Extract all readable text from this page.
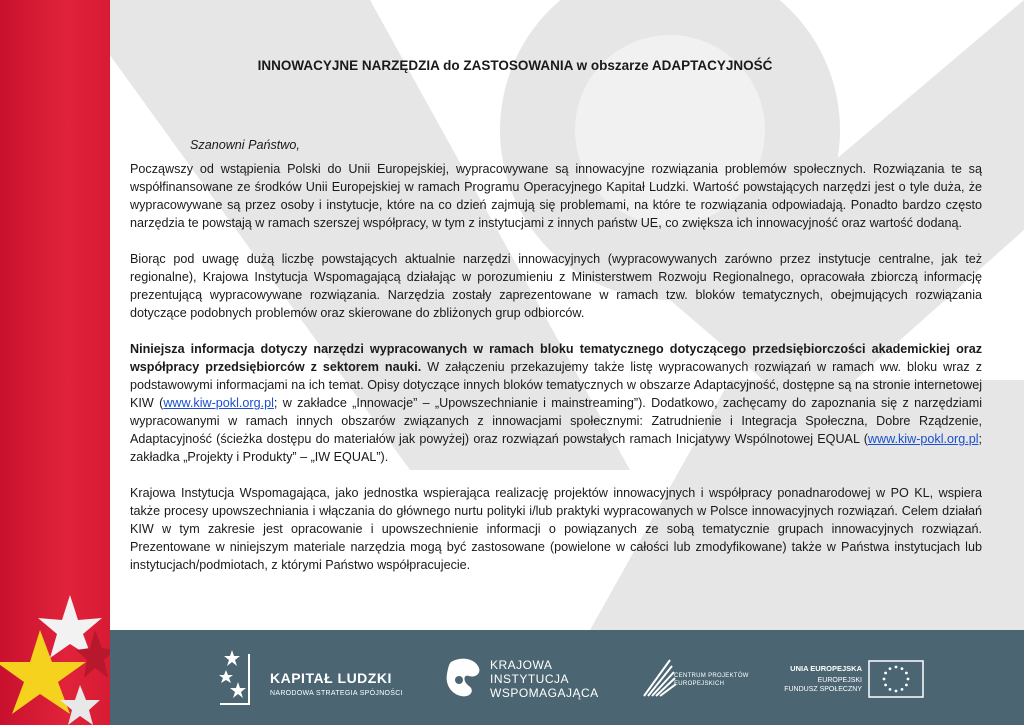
KAPITAŁ LUDZKI
NARODOWA STRATEGIA SPÓJNOŚCI
KRAJOWA
INSTYTUCJA
WSPOMAGAJĄCA
CENTRUM PROJEKTÓW
EUROPEJSKICH
UNIA EUROPEJSKA
EUROPEJSKI
FUNDUSZ SPOŁECZNY
INNOWACYJNE NARZĘDZIA do ZASTOSOWANIA w obszarze ADAPTACYJNOŚĆ

Szanowni Państwo,

Począwszy od wstąpienia Polski do Unii Europejskiej, wypracowywane są innowacyjne rozwiązania problemów społecznych. Rozwiązania te są współfinansowane ze środków Unii Europejskiej w ramach Programu Operacyjnego Kapitał Ludzki. Wartość powstających narzędzi jest o tyle duża, że wypracowywane są przez osoby i instytucje, które na co dzień zajmują się problemami, na które te rozwiązania odpowiadają. Ponadto bardzo często narzędzia te powstają w ramach szerszej współpracy, w tym z instytucjami z innych państw UE, co zwiększa ich innowacyjność oraz wartość dodaną.

Biorąc pod uwagę dużą liczbę powstających aktualnie narzędzi innowacyjnych (wypracowywanych zarówno przez instytucje centralne, jak też regionalne), Krajowa Instytucja Wspomagającą działając w porozumieniu z Ministerstwem Rozwoju Regionalnego, opracowała zbiorczą informację prezentującą wypracowywane rozwiązania. Narzędzia zostały zaprezentowane w ramach tzw. bloków tematycznych, obejmujących rozwiązania dotyczące podobnych problemów oraz skierowane do zbliżonych grup odbiorców.

Niniejsza informacja dotyczy narzędzi wypracowanych w ramach bloku tematycznego dotyczącego przedsiębiorczości akademickiej oraz współpracy przedsiębiorców z sektorem nauki. W załączeniu przekazujemy także listę wypracowanych rozwiązań w ramach ww. bloku wraz z podstawowymi informacjami na ich temat. Opisy dotyczące innych bloków tematycznych w obszarze Adaptacyjność, dostępne są na stronie internetowej KIW (www.kiw-pokl.org.pl; w zakładce „Innowacje” – „Upowszechnianie i mainstreaming”). Dodatkowo, zachęcamy do zapoznania się z narzędziami wypracowanymi w ramach innych obszarów związanych z innowacjami społecznymi: Zatrudnienie i Integracja Społeczna, Dobre Rządzenie, Adaptacyjność (ścieżka dostępu do materiałów jak powyżej) oraz rozwiązań powstałych ramach Inicjatywy Wspólnotowej EQUAL (www.kiw-pokl.org.pl; zakładka „Projekty i Produkty” – „IW EQUAL”).

Krajowa Instytucja Wspomagająca, jako jednostka wspierająca realizację projektów innowacyjnych i współpracy ponadnarodowej w PO KL, wspiera także procesy upowszechniania i włączania do głównego nurtu polityki i/lub praktyki wypracowanych w Polsce innowacyjnych rozwiązań. Celem działań KIW w tym zakresie jest opracowanie i upowszechnienie informacji o powiązanych ze sobą tematycznie grupach innowacyjnych rozwiązań. Prezentowane w niniejszym materiale narzędzia mogą być zastosowane (powielone w całości lub zmodyfikowane) także w Państwa instytucjach lub instytucjach/podmiotach, z którymi Państwo współpracujecie.
